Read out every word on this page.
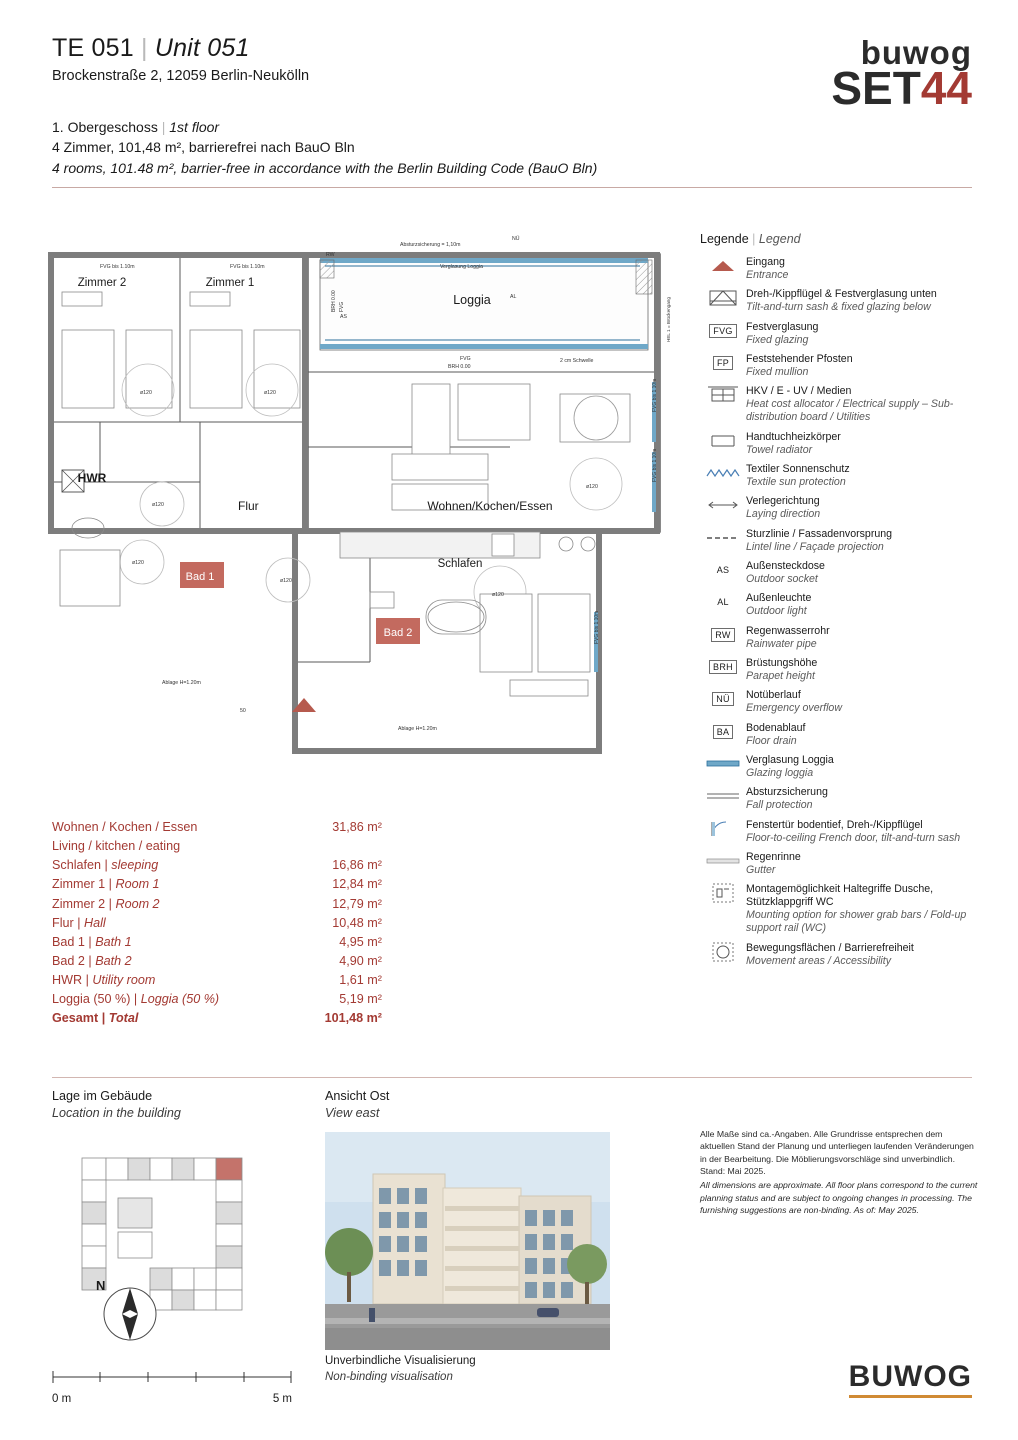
TE 051 | Unit 051
Brockenstraße 2, 12059 Berlin-Neukölln
1. Obergeschoss | 1st floor
4 Zimmer, 101,48 m², barrierefrei nach BauO Bln
4 rooms, 101.48 m², barrier-free in accordance with the Berlin Building Code (BauO Bln)
buwog
SET44
Zimmer 2	Zimmer 1
Loggia
HWR
Flur	Wohnen/Kochen/Essen
Bad 1
Schlafen
Bad 2
Absturzsicherung = 1,10m
Verglasung Loggia
FVG bis 1.10m	FVG bis 1.10m
FVG
BRH 0.00
2 cm Schwelle
ø120
ø120
ø120
ø120	ø120
ø120
ø120
Ablage H=1.20m
Ablage H=1.20m
50
NÜ
RW
AS
AL
BRH 0.00 FVG
FVG bis 1.10m
FVG bis 1.10m
FVG bis 1.10m
HEL 1 = Brückengang
Legende | Legend
Eingang
Entrance
Dreh-/Kippflügel & Festverglasung unten
Tilt-and-turn sash & fixed glazing below
FVG	Festverglasung
Fixed glazing
FP	Feststehender Pfosten
Fixed mullion
HKV / E - UV / Medien
Heat cost allocator / Electrical supply – Sub-distribution board / Utilities
Handtuchheizkörper
Towel radiator
Textiler Sonnenschutz
Textile sun protection
Verlegerichtung
Laying direction
Sturzlinie / Fassadenvorsprung
Lintel line / Façade projection
AS Außensteckdose
Outdoor socket
AL Außenleuchte
Outdoor light
RW	Regenwasserrohr
Rainwater pipe
BRH	Brüstungshöhe
Parapet height
NÜ	Notüberlauf
Emergency overflow
BA	Bodenablauf
Floor drain
Verglasung Loggia
Glazing loggia
Absturzsicherung
Fall protection
Fenstertür bodentief, Dreh-/Kippflügel
Floor-to-ceiling French door, tilt-and-turn sash
Regenrinne
Gutter
Montagemöglichkeit Haltegriffe Dusche, Stützklappgriff WC
Mounting option for shower grab bars / Fold-up support rail (WC)
Bewegungsflächen / Barrierefreiheit
Movement areas / Accessibility
Wohnen / Kochen / Essen	31,86 m²
Living / kitchen / eating
Schlafen | sleeping	16,86 m²
Zimmer 1 | Room 1	12,84 m²
Zimmer 2 | Room 2	12,79 m²
Flur | Hall	10,48 m²
Bad 1 | Bath 1	4,95 m²
Bad 2 | Bath 2	4,90 m²
HWR | Utility room	1,61 m²
Loggia (50 %) | Loggia (50 %)	5,19 m²
Gesamt | Total	101,48 m²
Lage im Gebäude
Location in the building
N
0 m	5 m
Ansicht Ost
View east
Unverbindliche Visualisierung
Non-binding visualisation
Alle Maße sind ca.-Angaben. Alle Grundrisse entsprechen dem aktuellen Stand der Planung und unterliegen laufenden Veränderungen in der Bearbeitung. Die Möblierungsvorschläge sind unverbindlich. Stand: Mai 2025.
All dimensions are approximate. All floor plans correspond to the current planning status and are subject to ongoing changes in processing. The furnishing suggestions are non-binding. As of: May 2025.
BUWOG
